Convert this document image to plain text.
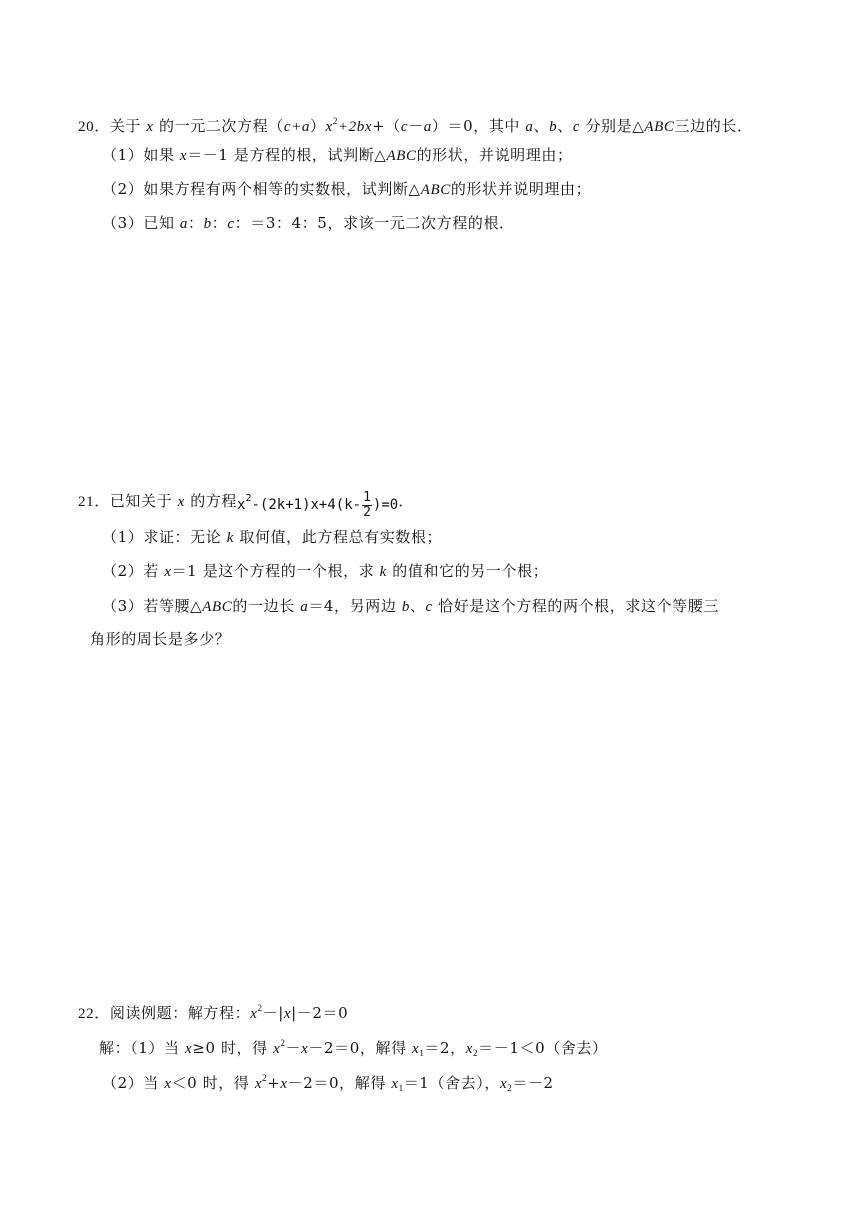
20．关于 x 的一元二次方程$(c+a)x^2+2bx+(c-a)=0$，其中 a、b、c 分别是△ABC三边的长．
（1）如果 x＝－1 是方程的根，试判断△ABC的形状，并说明理由；
（2）如果方程有两个相等的实数根，试判断△ABC的形状并说明理由；
（3）已知 a：b：c：＝3：4：5，求该一元二次方程的根．
21．已知关于 x 的方程$x^2-(2k+1)x+4(k- \frac{1}{2} )=0$．
（1）求证：无论 k 取何值，此方程总有实数根；
（2）若 x＝1 是这个方程的一个根，求 k 的值和它的另一个根；
（3）若等腰△ABC的一边长 a＝4，另两边 b、c 恰好是这个方程的两个根，求这个等腰三
角形的周长是多少？
22．阅读例题：解方程：$x^2-|x|-2=0$
解：（1）当 x≥0 时，得 $x^2-x-2=0$，解得 $x_1=2$，$x_2=-1<0$（舍去）
（2）当 x＜0 时，得 $x^2+x-2=0$，解得 $x_1=1$（舍去），$x_2=-2$
